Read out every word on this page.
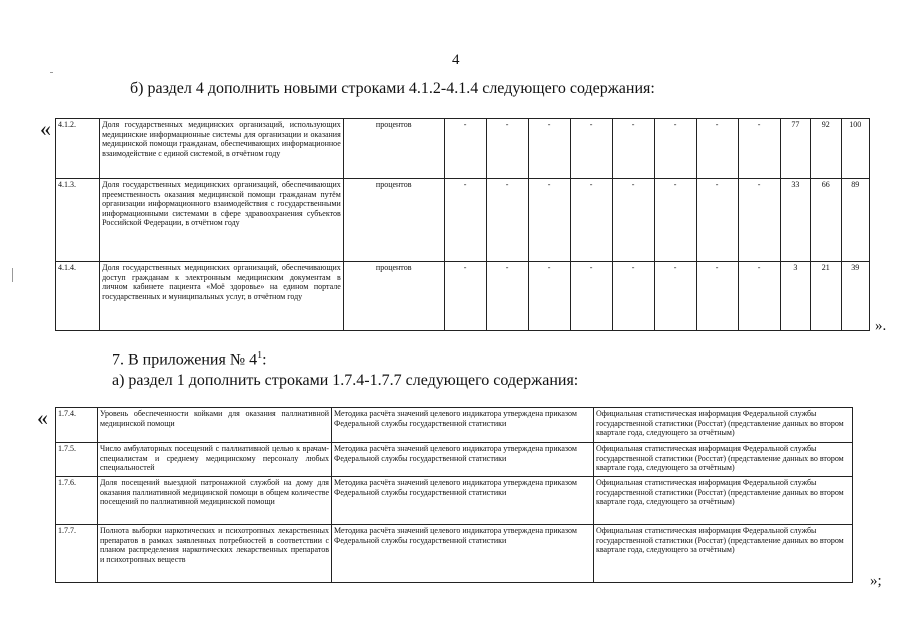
4
б) раздел 4 дополнить новыми строками 4.1.2-4.1.4 следующего содержания:
« 4.1.2.	Доля государственных медицинских организаций, использующих медицинские информационные системы для организации и оказания медицинской помощи гражданам, обеспечивающих информационное взаимодействие с единой системой, в отчётном году	процентов	-	-	-	-	-	-	-	-	77	92	100
4.1.3.	Доля государственных медицинских организаций, обеспечивающих преемственность оказания медицинской помощи гражданам путём организации информационного взаимодействия с государственными информационными системами в сфере здравоохранения субъектов Российской Федерации, в отчётном году	процентов	-	-	-	-	-	-	-	-	33	66	89
4.1.4.	Доля государственных медицинских организаций, обеспечивающих доступ гражданам к электронным медицинским документам в личном кабинете пациента «Моё здоровье» на едином портале государственных и муниципальных услуг, в отчётном году	процентов	-	-	-	-	-	-	-	-	3	21	39
».
7. В приложения № $4^1$:
а) раздел 1 дополнить строками 1.7.4-1.7.7 следующего содержания:
« 1.7.4.	Уровень обеспеченности койками для оказания паллиативной медицинской помощи	Методика расчёта значений целевого индикатора утверждена приказом Федеральной службы государственной статистики	Официальная статистическая информация Федеральной службы государственной статистики (Росстат) (представление данных во втором квартале года, следующего за отчётным)
1.7.5.	Число амбулаторных посещений с паллиативной целью к врачам-специалистам и среднему медицинскому персоналу любых специальностей	Методика расчёта значений целевого индикатора утверждена приказом Федеральной службы государственной статистики	Официальная статистическая информация Федеральной службы государственной статистики (Росстат) (представление данных во втором квартале года, следующего за отчётным)
1.7.6.	Доля посещений выездной патронажной службой на дому для оказания паллиативной медицинской помощи в общем количестве посещений по паллиативной медицинской помощи	Методика расчёта значений целевого индикатора утверждена приказом Федеральной службы государственной статистики	Официальная статистическая информация Федеральной службы государственной статистики (Росстат) (представление данных во втором квартале года, следующего за отчётным)
1.7.7.	Полнота выборки наркотических и психотропных лекарственных препаратов в рамках заявленных потребностей в соответствии с планом распределения наркотических лекарственных препаратов и психотропных веществ	Методика расчёта значений целевого индикатора утверждена приказом Федеральной службы государственной статистики	Официальная статистическая информация Федеральной службы государственной статистики (Росстат) (представление данных во втором квартале года, следующего за отчётным)
»;
